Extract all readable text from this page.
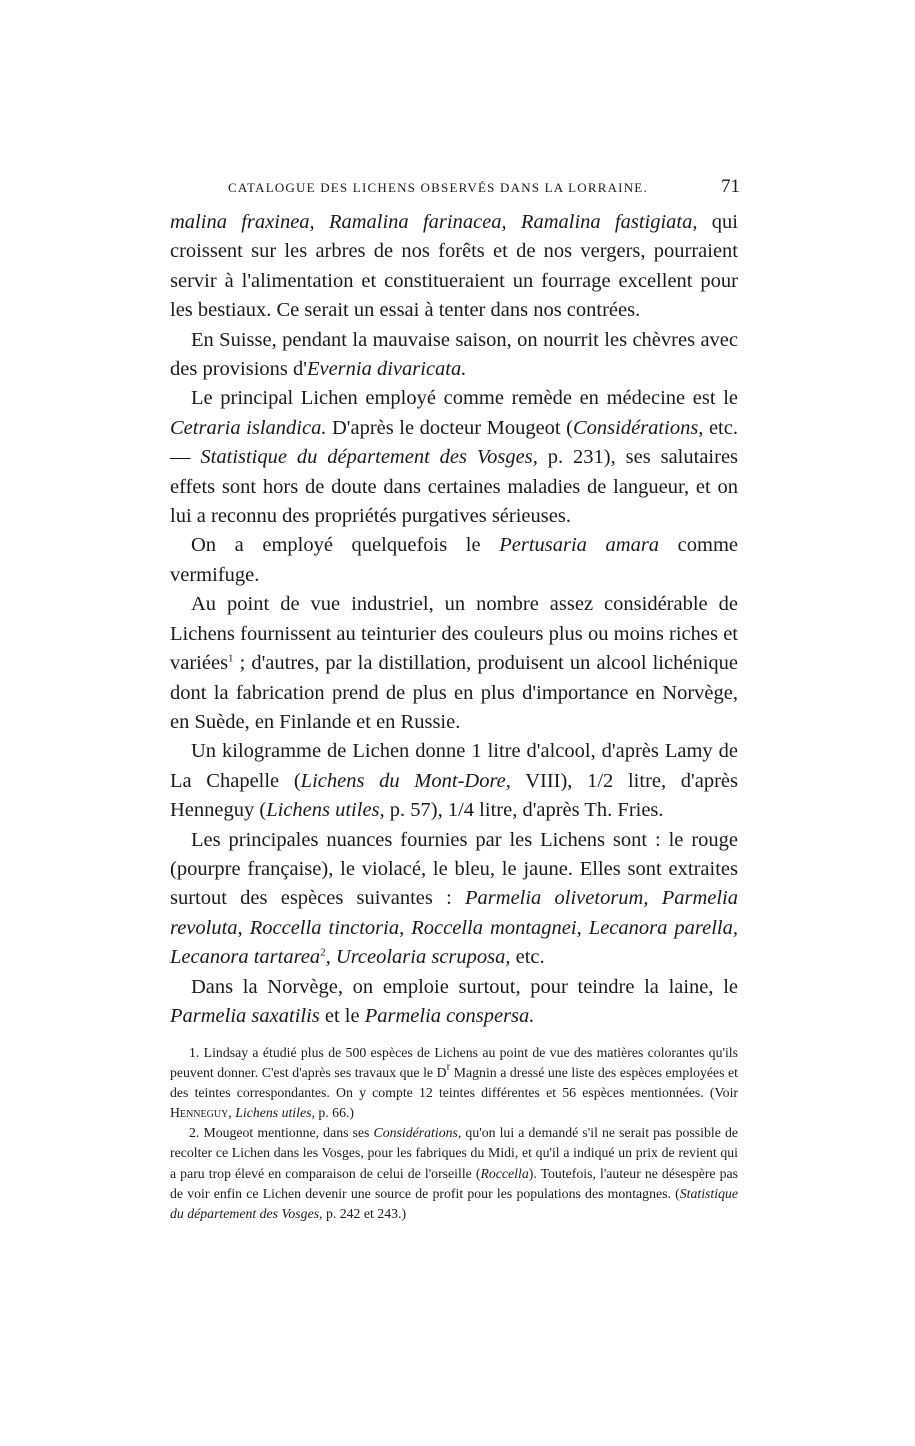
CATALOGUE DES LICHENS OBSERVÉS DANS LA LORRAINE.	71

malina fraxinea, Ramalina farinacea, Ramalina fastigiata, qui croissent sur les arbres de nos forêts et de nos vergers, pourraient servir à l'alimentation et constitueraient un fourrage excellent pour les bestiaux. Ce serait un essai à tenter dans nos contrées.

En Suisse, pendant la mauvaise saison, on nourrit les chèvres avec des provisions d'Evernia divaricata.

Le principal Lichen employé comme remède en médecine est le Cetraria islandica. D'après le docteur Mougeot (Considérations, etc. — Statistique du département des Vosges, p. 231), ses salutaires effets sont hors de doute dans certaines maladies de langueur, et on lui a reconnu des propriétés purgatives sérieuses.

On a employé quelquefois le Pertusaria amara comme vermifuge.

Au point de vue industriel, un nombre assez considérable de Lichens fournissent au teinturier des couleurs plus ou moins riches et variées$^1$ ; d'autres, par la distillation, produisent un alcool lichénique dont la fabrication prend de plus en plus d'importance en Norvège, en Suède, en Finlande et en Russie.

Un kilogramme de Lichen donne 1 litre d'alcool, d'après Lamy de La Chapelle (Lichens du Mont-Dore, VIII), 1/2 litre, d'après Henneguy (Lichens utiles, p. 57), 1/4 litre, d'après Th. Fries.

Les principales nuances fournies par les Lichens sont : le rouge (pourpre française), le violacé, le bleu, le jaune. Elles sont extraites surtout des espèces suivantes : Parmelia olivetorum, Parmelia revoluta, Roccella tinctoria, Roccella montagnei, Lecanora parella, Lecanora tartarea$^2$, Urceolaria scruposa, etc.

Dans la Norvège, on emploie surtout, pour teindre la laine, le Parmelia saxatilis et le Parmelia conspersa.

1. Lindsay a étudié plus de 500 espèces de Lichens au point de vue des matières colorantes qu'ils peuvent donner. C'est d'après ses travaux que le $D^r$ Magnin a dressé une liste des espèces employées et des teintes correspondantes. On y compte 12 teintes différentes et 56 espèces mentionnées. (Voir Henneguy, Lichens utiles, p. 66.)

2. Mougeot mentionne, dans ses Considérations, qu'on lui a demandé s'il ne serait pas possible de recolter ce Lichen dans les Vosges, pour les fabriques du Midi, et qu'il a indiqué un prix de revient qui a paru trop élevé en comparaison de celui de l'orseille (Roccella). Toutefois, l'auteur ne désespère pas de voir enfin ce Lichen devenir une source de profit pour les populations des montagnes. (Statistique du département des Vosges, p. 242 et 243.)
